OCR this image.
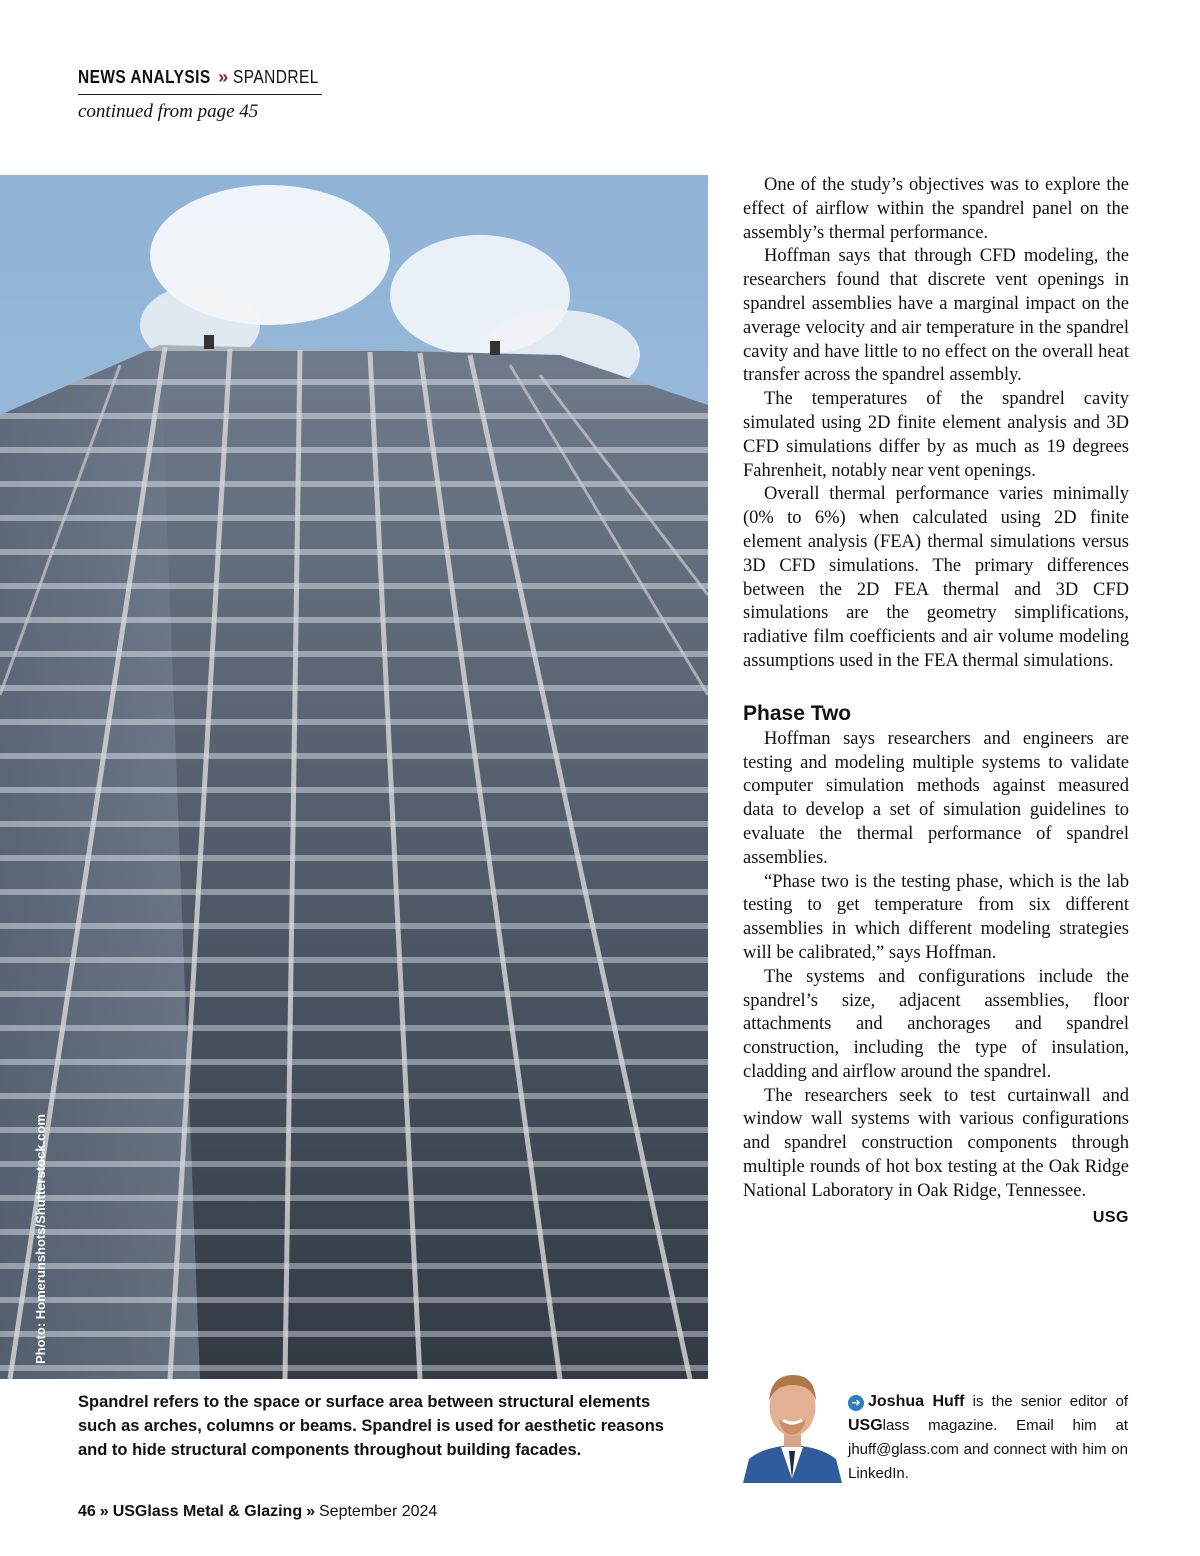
NEWS ANALYSIS » SPANDREL
continued from page 45
Photo: Homerunshots/Shutterstock.com
Spandrel refers to the space or surface area between structural elements such as arches, columns or beams. Spandrel is used for aesthetic reasons and to hide structural components throughout building facades.

One of the study’s objectives was to explore the effect of airflow within the spandrel panel on the assembly’s thermal performance.

Hoffman says that through CFD modeling, the researchers found that discrete vent openings in spandrel assemblies have a marginal impact on the average velocity and air temperature in the spandrel cavity and have little to no effect on the overall heat transfer across the spandrel assembly.

The temperatures of the spandrel cavity simulated using 2D finite element analysis and 3D CFD simulations differ by as much as 19 degrees Fahrenheit, notably near vent openings.

Overall thermal performance varies minimally (0% to 6%) when calculated using 2D finite element analysis (FEA) thermal simulations versus 3D CFD simulations. The primary differences between the 2D FEA thermal and 3D CFD simulations are the geometry simplifications, radiative film coefficients and air volume modeling assumptions used in the FEA thermal simulations.

Phase Two

Hoffman says researchers and engineers are testing and modeling multiple systems to validate computer simulation methods against measured data to develop a set of simulation guidelines to evaluate the thermal performance of spandrel assemblies.

“Phase two is the testing phase, which is the lab testing to get temperature from six different assemblies in which different modeling strategies will be calibrated,” says Hoffman.

The systems and configurations include the spandrel’s size, adjacent assemblies, floor attachments and anchorages and spandrel construction, including the type of insulation, cladding and airflow around the spandrel.

The researchers seek to test curtainwall and window wall systems with various configurations and spandrel construction components through multiple rounds of hot box testing at the Oak Ridge National Laboratory in Oak Ridge, Tennessee.
USG

➜ Joshua Huff is the senior editor of USGlass magazine. Email him at jhuff@glass.com and connect with him on LinkedIn.
46 » USGlass Metal & Glazing » September 2024
